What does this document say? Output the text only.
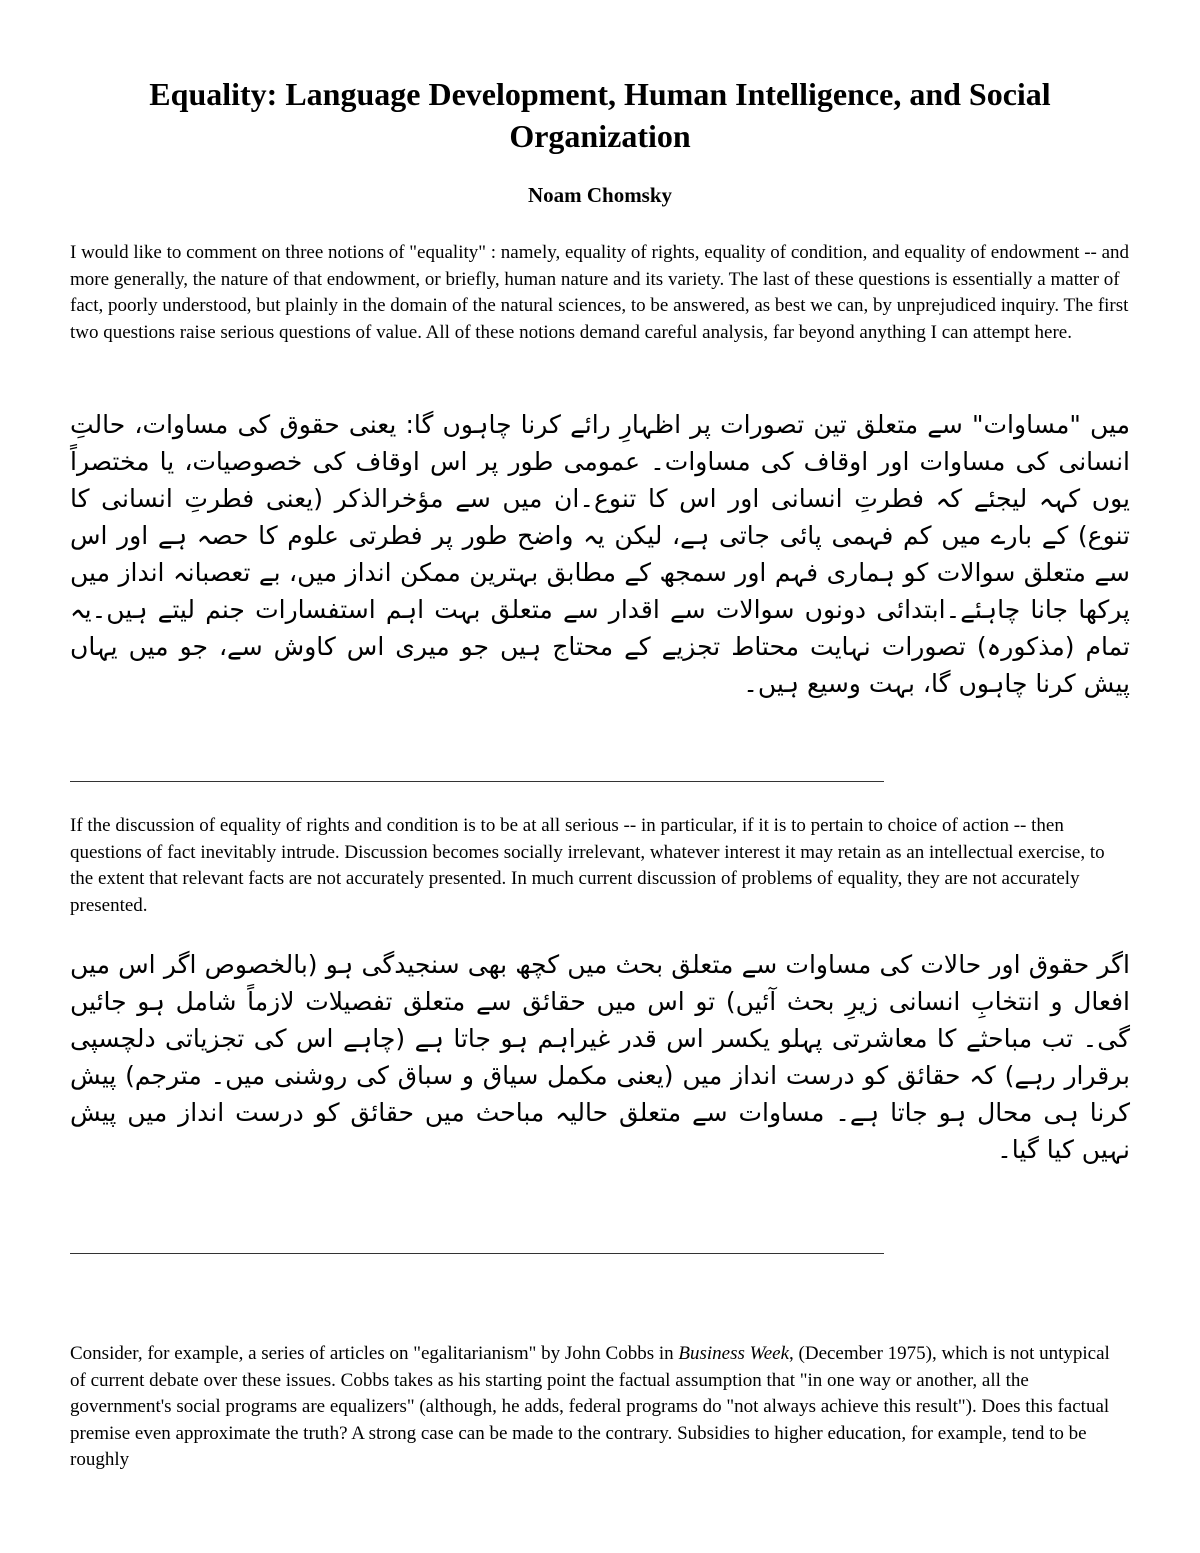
Equality: Language Development, Human Intelligence, and Social Organization

Noam Chomsky

I would like to comment on three notions of "equality" : namely, equality of rights, equality of condition, and equality of endowment -- and more generally, the nature of that endowment, or briefly, human nature and its variety. The last of these questions is essentially a matter of fact, poorly understood, but plainly in the domain of the natural sciences, to be answered, as best we can, by unprejudiced inquiry. The first two questions raise serious questions of value. All of these notions demand careful analysis, far beyond anything I can attempt here.

میں "مساوات" سے متعلق تین تصورات پر اظہارِ رائے کرنا چاہوں گا: یعنی حقوق کی مساوات، حالتِ انسانی کی مساوات اور اوقاف کی مساوات۔ عمومی طور پر اس اوقاف کی خصوصیات، یا مختصراً یوں کہہ لیجئے کہ فطرتِ انسانی اور اس کا تنوع۔ان میں سے مؤخرالذکر (یعنی فطرتِ انسانی کا تنوع) کے بارے میں کم فہمی پائی جاتی ہے، لیکن یہ واضح طور پر فطرتی علوم کا حصہ ہے اور اس سے متعلق سوالات کو ہماری فہم اور سمجھ کے مطابق بہترین ممکن انداز میں، بے تعصبانہ انداز میں پرکھا جانا چاہئے۔ابتدائی دونوں سوالات سے اقدار سے متعلق بہت اہم استفسارات جنم لیتے ہیں۔یہ تمام (مذکورہ) تصورات نہایت محتاط تجزیے کے محتاج ہیں جو میری اس کاوش سے، جو میں یہاں پیش کرنا چاہوں گا، بہت وسیع ہیں۔

If the discussion of equality of rights and condition is to be at all serious -- in particular, if it is to pertain to choice of action -- then questions of fact inevitably intrude. Discussion becomes socially irrelevant, whatever interest it may retain as an intellectual exercise, to the extent that relevant facts are not accurately presented. In much current discussion of problems of equality, they are not accurately presented.

اگر حقوق اور حالات کی مساوات سے متعلق بحث میں کچھ بھی سنجیدگی ہو (بالخصوص اگر اس میں افعال و انتخابِ انسانی زیرِ بحث آئیں) تو اس میں حقائق سے متعلق تفصیلات لازماً شامل ہو جائیں گی۔ تب مباحثے کا معاشرتی پہلو یکسر اس قدر غیراہم ہو جاتا ہے (چاہے اس کی تجزیاتی دلچسپی برقرار رہے) کہ حقائق کو درست انداز میں (یعنی مکمل سیاق و سباق کی روشنی میں۔ مترجم) پیش کرنا ہی محال ہو جاتا ہے۔ مساوات سے متعلق حالیہ مباحث میں حقائق کو درست انداز میں پیش نہیں کیا گیا۔

Consider, for example, a series of articles on "egalitarianism" by John Cobbs in Business Week, (December 1975), which is not untypical of current debate over these issues. Cobbs takes as his starting point the factual assumption that "in one way or another, all the government's social programs are equalizers" (although, he adds, federal programs do "not always achieve this result"). Does this factual premise even approximate the truth? A strong case can be made to the contrary. Subsidies to higher education, for example, tend to be roughly
